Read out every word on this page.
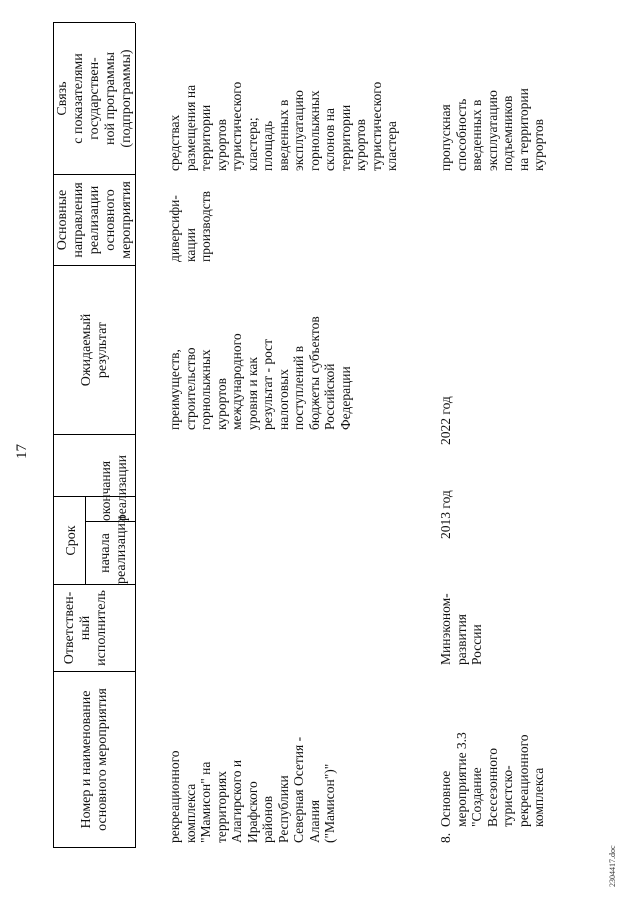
17
Номер и наименование
основного мероприятия
Ответствен-
ный
исполнитель
Срок начала
реализации
окончания
реализации
Ожидаемый
результат
Основные
направления
реализации
основного
мероприятия
Связь
с показателями
государствен-
ной программы
(подпрограммы)
рекреационного
комплекса
"Мамисон" на
территориях
Алагирского и
Ирафского
районов
Республики
Северная Осетия -
Алания
("Мамисон")"
преимуществ,
строительство
горнолыжных
курортов
международного
уровня и как
результат - рост
налоговых
поступлений в
бюджеты субъектов
Российской
Федерации
диверсифи-
кации
производств
средствах
размещения на
территории
курортов
туристического
кластера;
площадь
введенных в
эксплуатацию
горнолыжных
склонов на
территории
курортов
туристического
кластера
8.
Основное
мероприятие 3.3
"Создание
Всесезонного
туристско-
рекреационного
комплекса
Минэконом-
развития
России
2013 год
2022 год
пропускная
способность
введенных в
эксплуатацию
подъемников
на территории
курортов
2304417.doc
